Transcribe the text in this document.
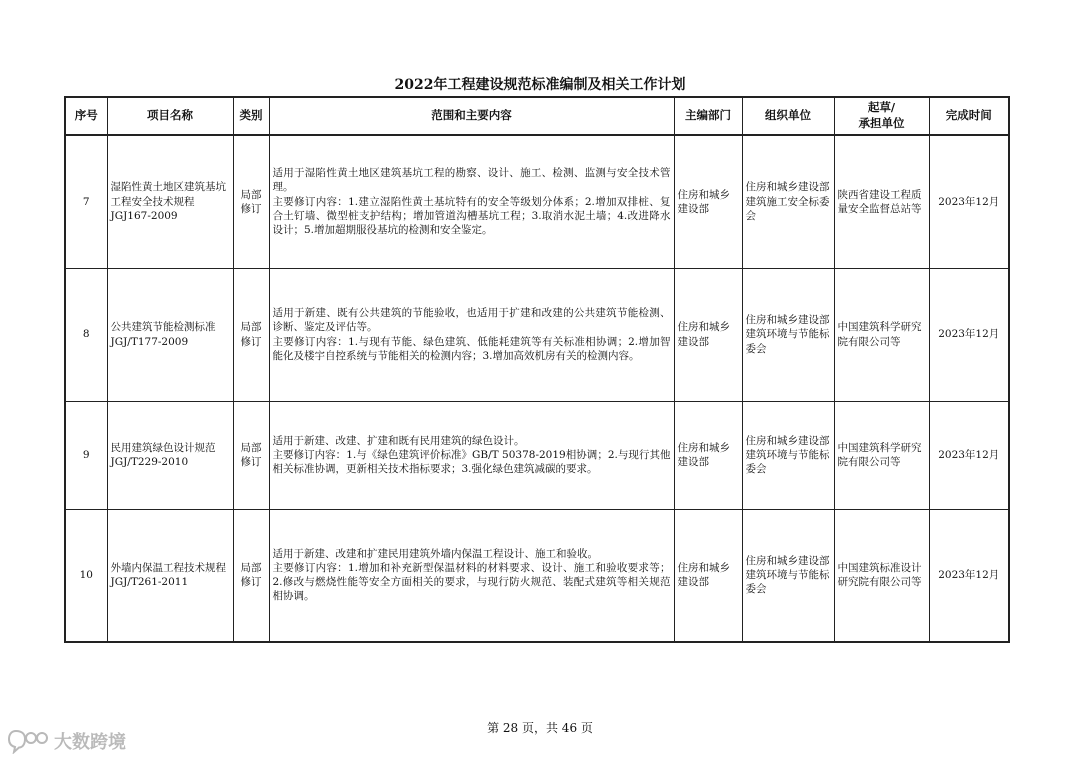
2022年工程建设规范标准编制及相关工作计划
序号	项目名称	类别	范围和主要内容	主编部门	组织单位	起草/
承担单位	完成时间
7	湿陷性黄土地区建筑基坑工程安全技术规程JGJ167-2009	局部修订	适用于湿陷性黄土地区建筑基坑工程的勘察、设计、施工、检测、监测与安全技术管理。
主要修订内容：1.建立湿陷性黄土基坑特有的安全等级划分体系；2.增加双排桩、复合土钉墙、微型桩支护结构；增加管道沟槽基坑工程；3.取消水泥土墙；4.改进降水设计；5.增加超期服役基坑的检测和安全鉴定。	住房和城乡建设部	住房和城乡建设部建筑施工安全标委会	陕西省建设工程质量安全监督总站等	2023年12月
8	公共建筑节能检测标准JGJ/T177-2009	局部修订	适用于新建、既有公共建筑的节能验收，也适用于扩建和改建的公共建筑节能检测、诊断、鉴定及评估等。
主要修订内容：1.与现有节能、绿色建筑、低能耗建筑等有关标准相协调；2.增加智能化及楼宇自控系统与节能相关的检测内容；3.增加高效机房有关的检测内容。	住房和城乡建设部	住房和城乡建设部建筑环境与节能标委会	中国建筑科学研究院有限公司等	2023年12月
9	民用建筑绿色设计规范JGJ/T229-2010	局部修订	适用于新建、改建、扩建和既有民用建筑的绿色设计。
主要修订内容：1.与《绿色建筑评价标准》GB/T 50378-2019相协调；2.与现行其他相关标准协调，更新相关技术指标要求；3.强化绿色建筑减碳的要求。	住房和城乡建设部	住房和城乡建设部建筑环境与节能标委会	中国建筑科学研究院有限公司等	2023年12月
10	外墙内保温工程技术规程JGJ/T261-2011	局部修订	适用于新建、改建和扩建民用建筑外墙内保温工程设计、施工和验收。
主要修订内容：1.增加和补充新型保温材料的材料要求、设计、施工和验收要求等；2.修改与燃烧性能等安全方面相关的要求，与现行防火规范、装配式建筑等相关规范相协调。	住房和城乡建设部	住房和城乡建设部建筑环境与节能标委会	中国建筑标准设计研究院有限公司等	2023年12月
第 28 页，共 46 页
大数跨境
